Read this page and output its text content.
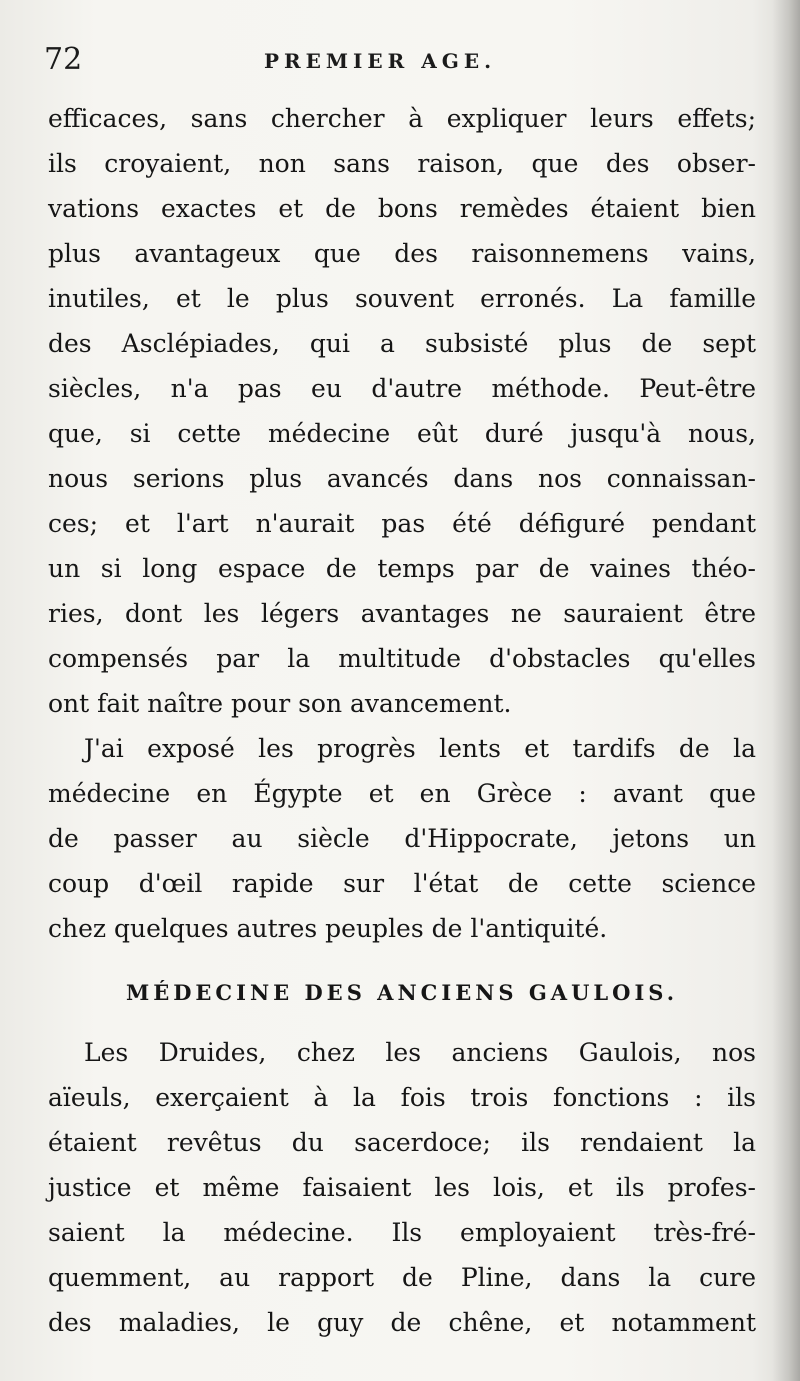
72	PREMIER AGE.
efficaces, sans chercher à expliquer leurs effets;
ils croyaient, non sans raison, que des obser-
vations exactes et de bons remèdes étaient bien
plus avantageux que des raisonnemens vains,
inutiles, et le plus souvent erronés. La famille
des Asclépiades, qui a subsisté plus de sept
siècles, n'a pas eu d'autre méthode. Peut-être
que, si cette médecine eût duré jusqu'à nous,
nous serions plus avancés dans nos connaissan-
ces; et l'art n'aurait pas été défiguré pendant
un si long espace de temps par de vaines théo-
ries, dont les légers avantages ne sauraient être
compensés par la multitude d'obstacles qu'elles
ont fait naître pour son avancement.
J'ai exposé les progrès lents et tardifs de la
médecine en Égypte et en Grèce : avant que
de passer au siècle d'Hippocrate, jetons un
coup d'œil rapide sur l'état de cette science
chez quelques autres peuples de l'antiquité.
MÉDECINE DES ANCIENS GAULOIS.
Les Druides, chez les anciens Gaulois, nos
aïeuls, exerçaient à la fois trois fonctions : ils
étaient revêtus du sacerdoce; ils rendaient la
justice et même faisaient les lois, et ils profes-
saient la médecine. Ils employaient très-fré-
quemment, au rapport de Pline, dans la cure
des maladies, le guy de chêne, et notamment
